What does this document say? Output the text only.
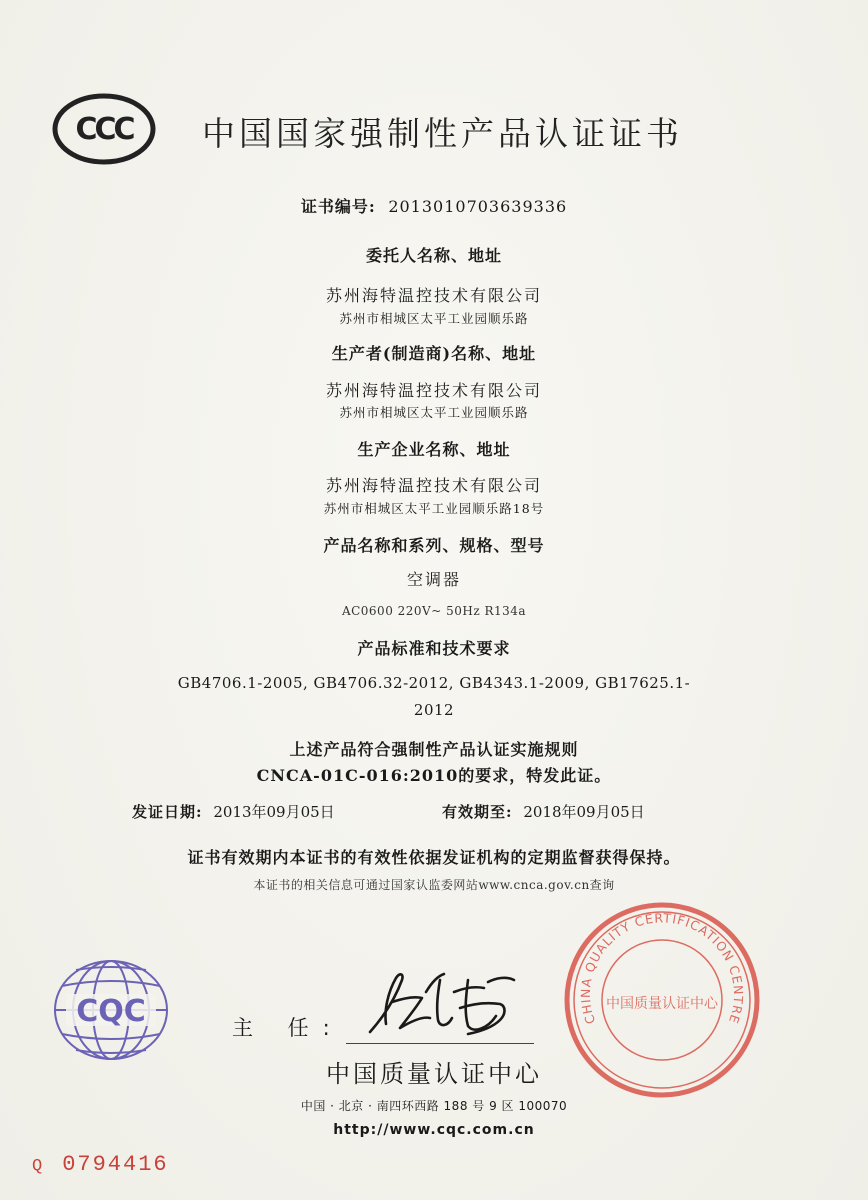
CCC 中国国家强制性产品认证证书
证书编号: 2013010703639336
委托人名称、地址
苏州海特温控技术有限公司
苏州市相城区太平工业园顺乐路
生产者(制造商)名称、地址
苏州海特温控技术有限公司
苏州市相城区太平工业园顺乐路
生产企业名称、地址
苏州海特温控技术有限公司
苏州市相城区太平工业园顺乐路18号
产品名称和系列、规格、型号
空调器
AC0600 220V~ 50Hz R134a
产品标准和技术要求
GB4706.1-2005, GB4706.32-2012, GB4343.1-2009, GB17625.1-
2012
上述产品符合强制性产品认证实施规则
CNCA-01C-016:2010的要求，特发此证。
发证日期: 2013年09月05日	有效期至: 2018年09月05日
证书有效期内本证书的有效性依据发证机构的定期监督获得保持。
本证书的相关信息可通过国家认监委网站www.cnca.gov.cn查询
CQC	主 任:
中国质量认证中心
中国 · 北京 · 南四环西路 188 号 9 区 100070
http://www.cqc.com.cn
CHINA QUALITY CERTIFICATION CENTRE
中国质量认证中心
Q 0794416
